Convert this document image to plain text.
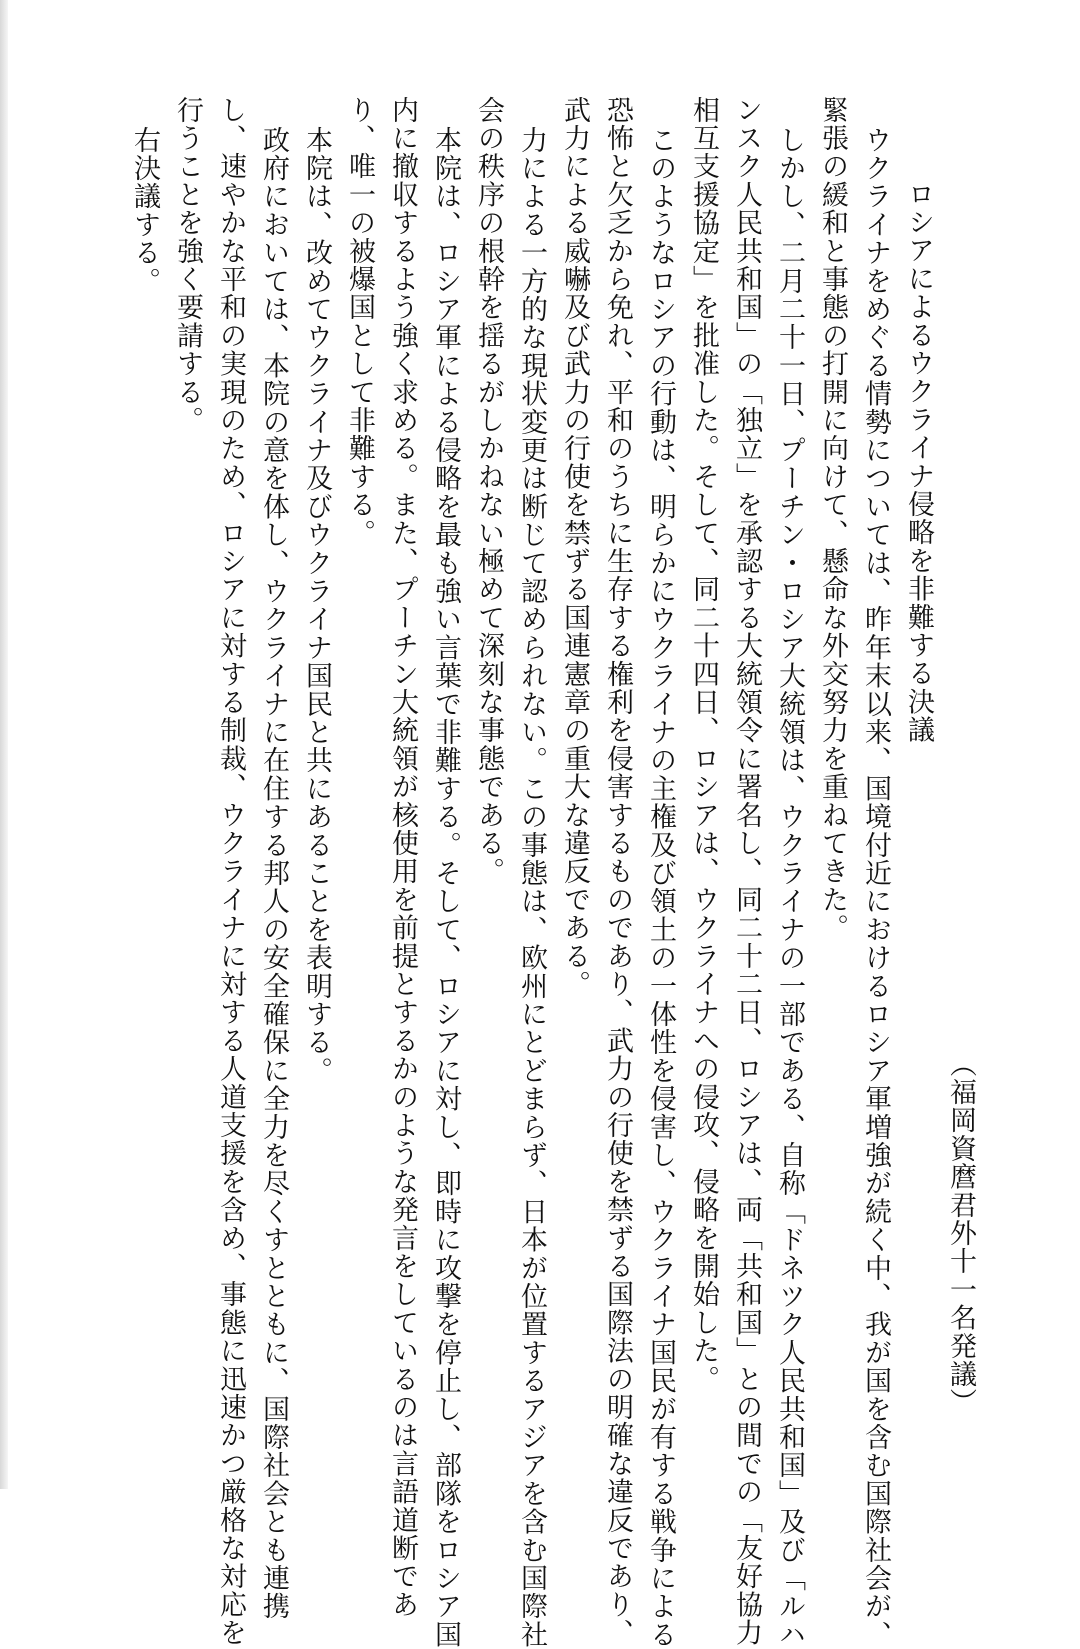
（福岡資麿君外十一名発議）
ロシアによるウクライナ侵略を非難する決議
ウクライナをめぐる情勢については、昨年末以来、国境付近におけるロシア軍増強が続く中、我が国を含む国際社会が、
緊張の緩和と事態の打開に向けて、懸命な外交努力を重ねてきた。
しかし、二月二十一日、プーチン・ロシア大統領は、ウクライナの一部である、自称「ドネツク人民共和国」及び「ルハ
ンスク人民共和国」の「独立」を承認する大統領令に署名し、同二十二日、ロシアは、両「共和国」との間での「友好協力
相互支援協定」を批准した。そして、同二十四日、ロシアは、ウクライナへの侵攻、侵略を開始した。
このようなロシアの行動は、明らかにウクライナの主権及び領土の一体性を侵害し、ウクライナ国民が有する戦争による
恐怖と欠乏から免れ、平和のうちに生存する権利を侵害するものであり、武力の行使を禁ずる国際法の明確な違反であり、
武力による威嚇及び武力の行使を禁ずる国連憲章の重大な違反である。
力による一方的な現状変更は断じて認められない。この事態は、欧州にとどまらず、日本が位置するアジアを含む国際社
会の秩序の根幹を揺るがしかねない極めて深刻な事態である。
本院は、ロシア軍による侵略を最も強い言葉で非難する。そして、ロシアに対し、即時に攻撃を停止し、部隊をロシア国
内に撤収するよう強く求める。また、プーチン大統領が核使用を前提とするかのような発言をしているのは言語道断であ
り、唯一の被爆国として非難する。
本院は、改めてウクライナ及びウクライナ国民と共にあることを表明する。
政府においては、本院の意を体し、ウクライナに在住する邦人の安全確保に全力を尽くすとともに、国際社会とも連携
し、速やかな平和の実現のため、ロシアに対する制裁、ウクライナに対する人道支援を含め、事態に迅速かつ厳格な対応を
行うことを強く要請する。
右決議する。
